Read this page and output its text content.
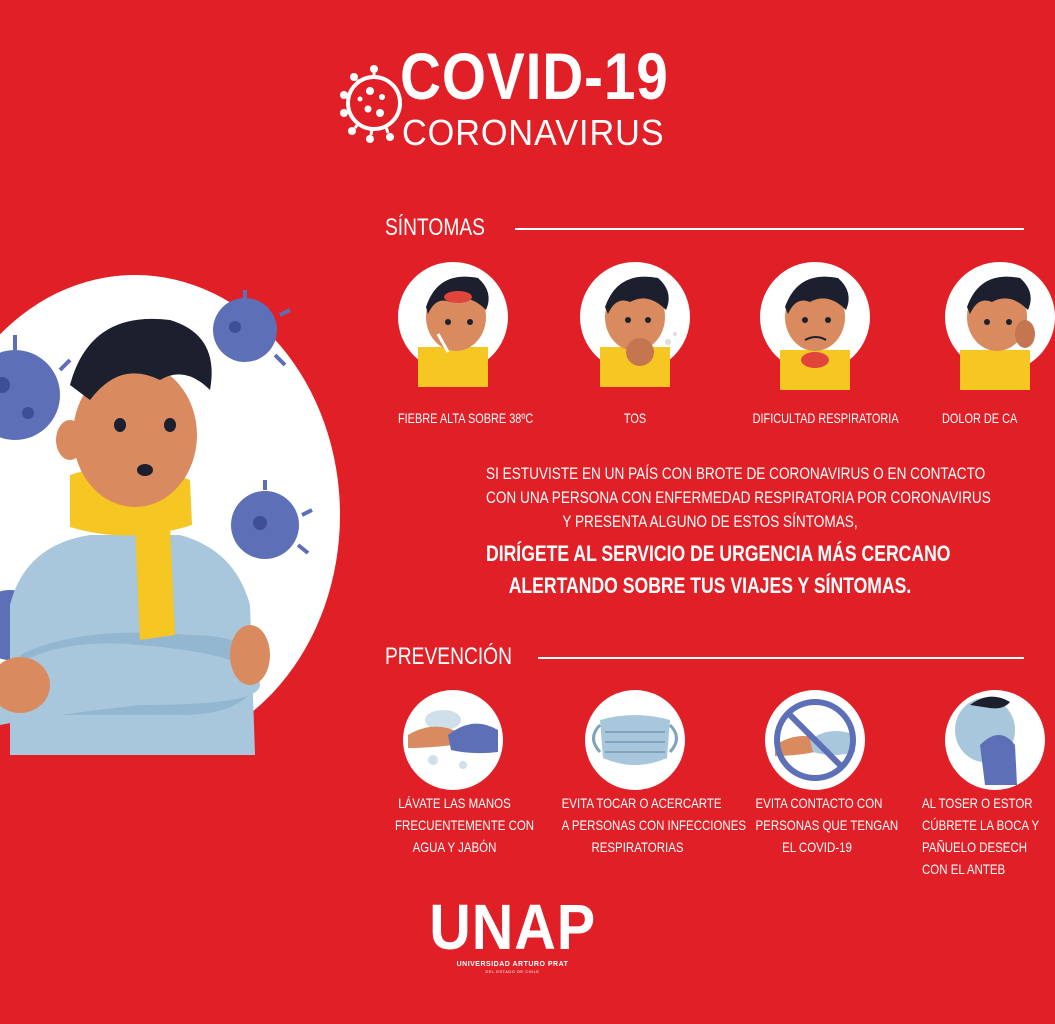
COVID-19
CORONAVIRUS
SÍNTOMAS
FIEBRE ALTA SOBRE 38ºC	TOS	DIFICULTAD RESPIRATORIA	DOLOR DE CA
SI ESTUVISTE EN UN PAÍS CON BROTE DE CORONAVIRUS O EN CONTACTO
CON UNA PERSONA CON ENFERMEDAD RESPIRATORIA POR CORONAVIRUS
Y PRESENTA ALGUNO DE ESTOS SÍNTOMAS,
DIRÍGETE AL SERVICIO DE URGENCIA MÁS CERCANO
ALERTANDO SOBRE TUS VIAJES Y SÍNTOMAS.
PREVENCIÓN
LÁVATE LAS MANOS
FRECUENTEMENTE CON
AGUA Y JABÓN
EVITA TOCAR O ACERCARTE
A PERSONAS CON INFECCIONES
RESPIRATORIAS
EVITA CONTACTO CON
PERSONAS QUE TENGAN
EL COVID-19
AL TOSER O ESTOR
CÚBRETE LA BOCA Y
PAÑUELO DESECH
CON EL ANTEB
UNAP
UNIVERSIDAD ARTURO PRAT
DEL ESTADO DE CHILE
